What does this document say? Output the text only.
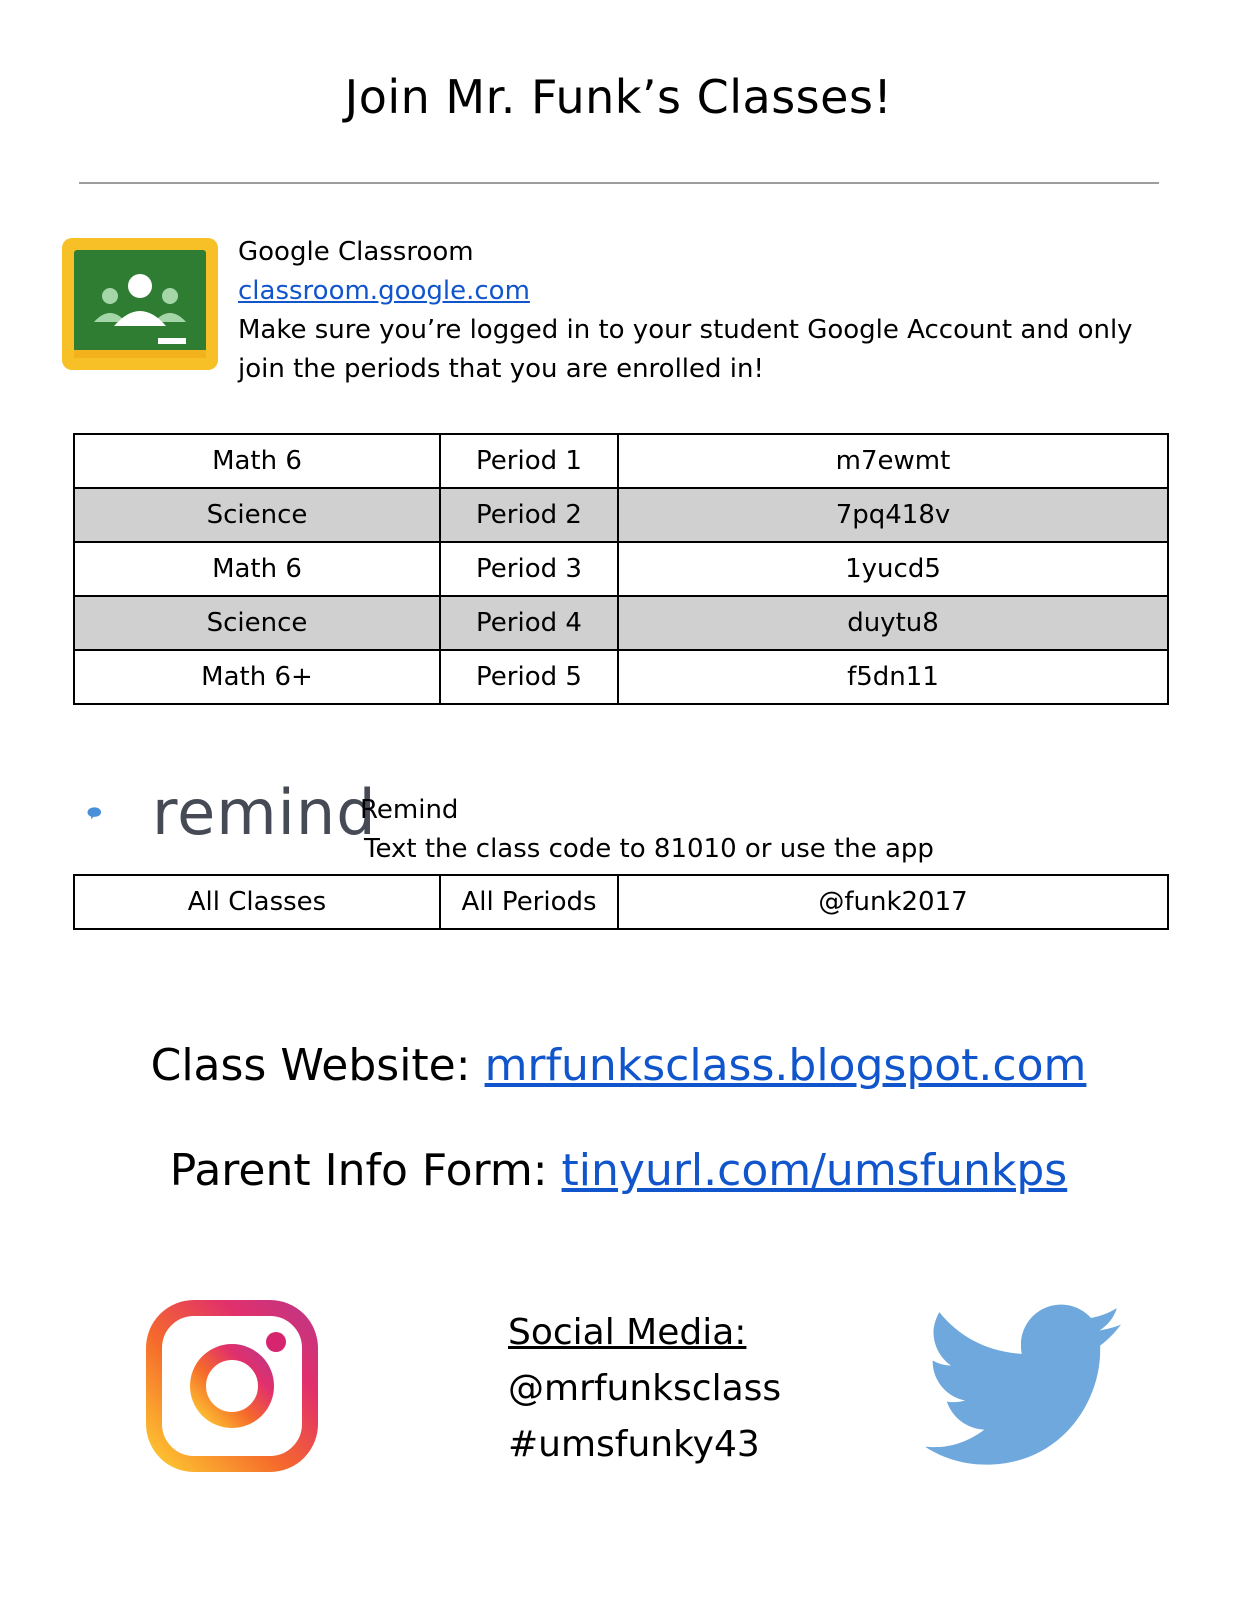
Join Mr. Funk’s Classes!
Google Classroom
classroom.google.com
Make sure you’re logged in to your student Google Account and only join the periods that you are enrolled in!
Math 6	Period 1	m7ewmt
Science	Period 2	7pq418v
Math 6	Period 3	1yucd5
Science	Period 4	duytu8
Math 6+	Period 5	f5dn11
remind
Remind
Text the class code to 81010 or use the app
All Classes	All Periods	@funk2017
Class Website: mrfunksclass.blogspot.com
Parent Info Form: tinyurl.com/umsfunkps
Social Media:
@mrfunksclass
#umsfunky43
